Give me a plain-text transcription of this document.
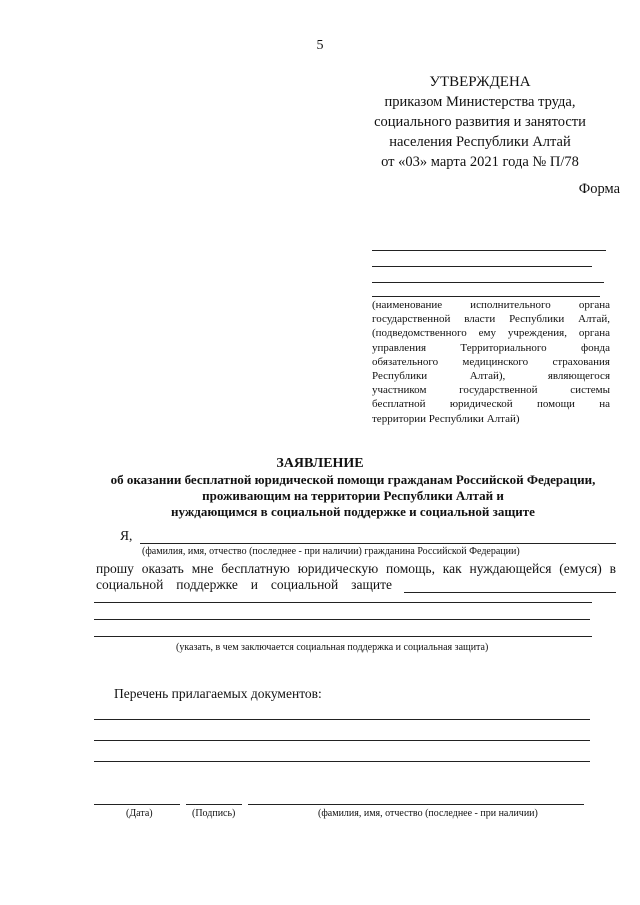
5
УТВЕРЖДЕНА
приказом Министерства труда,
социального развития и занятости
населения Республики Алтай
от «03» марта 2021 года № П/78
Форма
(наименование исполнительного органа
государственной власти Республики Алтай,
(подведомственного ему учреждения, органа
управления Территориального фонда
обязательного медицинского страхования
Республики Алтай), являющегося
участником государственной системы
бесплатной юридической помощи на
территории Республики Алтай)
ЗАЯВЛЕНИЕ
об оказании бесплатной юридической помощи гражданам Российской Федерации,
проживающим на территории Республики Алтай и
нуждающимся в социальной поддержке и социальной защите
Я,
(фамилия, имя, отчество (последнее - при наличии) гражданина Российской Федерации)
прошу оказать мне бесплатную юридическую помощь, как нуждающейся (емуся) в
социальной поддержке и социальной защите
(указать, в чем заключается социальная поддержка и социальная защита)
Перечень прилагаемых документов:
(Дата)	(Подпись)	(фамилия, имя, отчество (последнее - при наличии)
